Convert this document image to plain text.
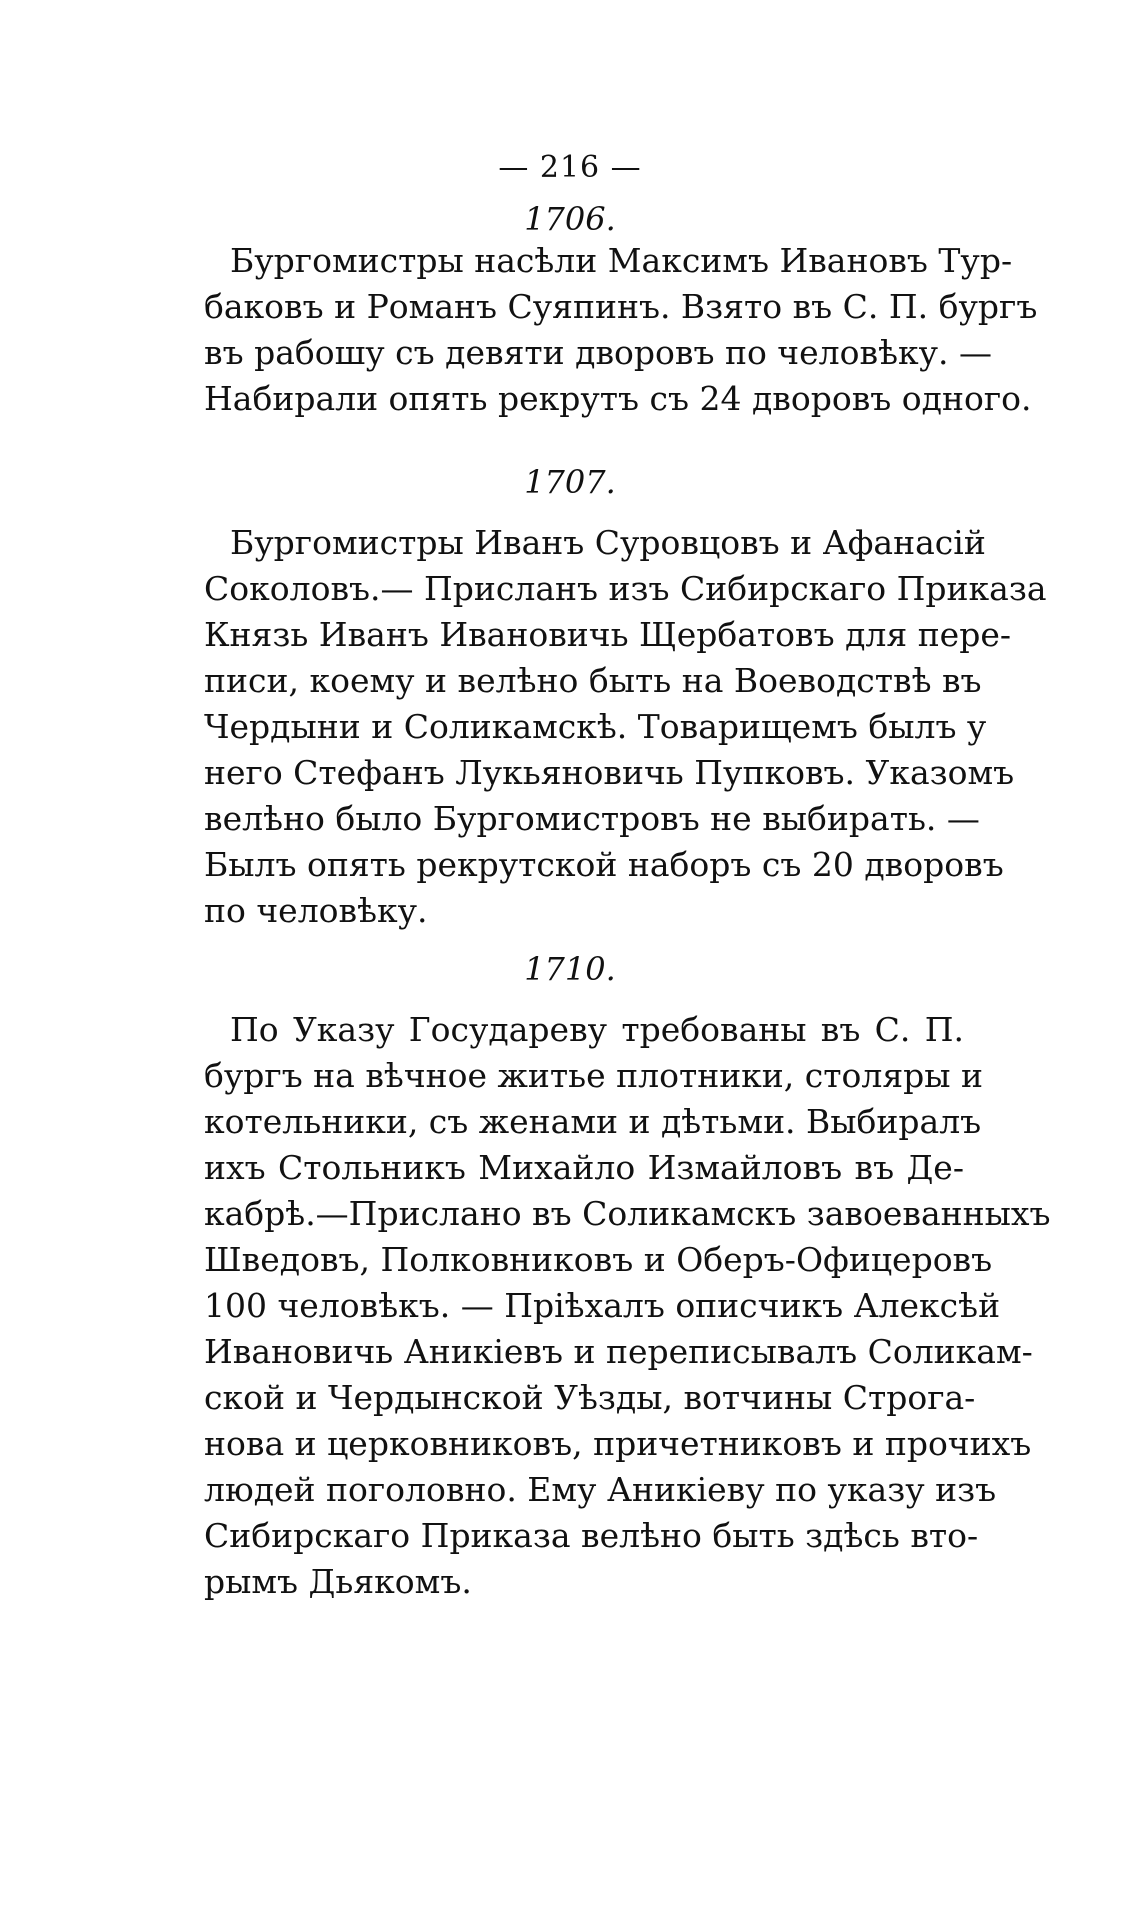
— 216 —
1706.
Бургомистры насѣли Максимъ Ивановъ Тур-
баковъ и Романъ Суяпинъ. Взято въ С. П. бургъ
въ рабошу съ девяти дворовъ по человѣку. —
Набирали опять рекрутъ съ 24 дворовъ одного.
1707.
Бургомистры Иванъ Суровцовъ и Афанасій
Соколовъ.— Присланъ изъ Сибирскаго Приказа
Князь Иванъ Ивановичь Щербатовъ для пере-
писи, коему и велѣно быть на Воеводствѣ въ
Чердыни и Соликамскѣ. Товарищемъ былъ у
него Стефанъ Лукьяновичь Пупковъ. Указомъ
велѣно было Бургомистровъ не выбирать. —
Былъ опять рекрутской наборъ съ 20 дворовъ
по человѣку.
1710.
По Указу Государеву требованы въ С. П.
бургъ на вѣчное житье плотники, столяры и
котельники, съ женами и дѣтьми. Выбиралъ
ихъ Стольникъ Михайло Измайловъ въ Де-
кабрѣ.—Прислано въ Соликамскъ завоеванныхъ
Шведовъ, Полковниковъ и Оберъ-Офицеровъ
100 человѣкъ. — Пріѣхалъ описчикъ Алексѣй
Ивановичь Аникіевъ и переписывалъ Соликам-
ской и Чердынской Уѣзды, вотчины Строга-
нова и церковниковъ, причетниковъ и прочихъ
людей поголовно. Ему Аникіеву по указу изъ
Сибирскаго Приказа велѣно быть здѣсь вто-
рымъ Дьякомъ.
